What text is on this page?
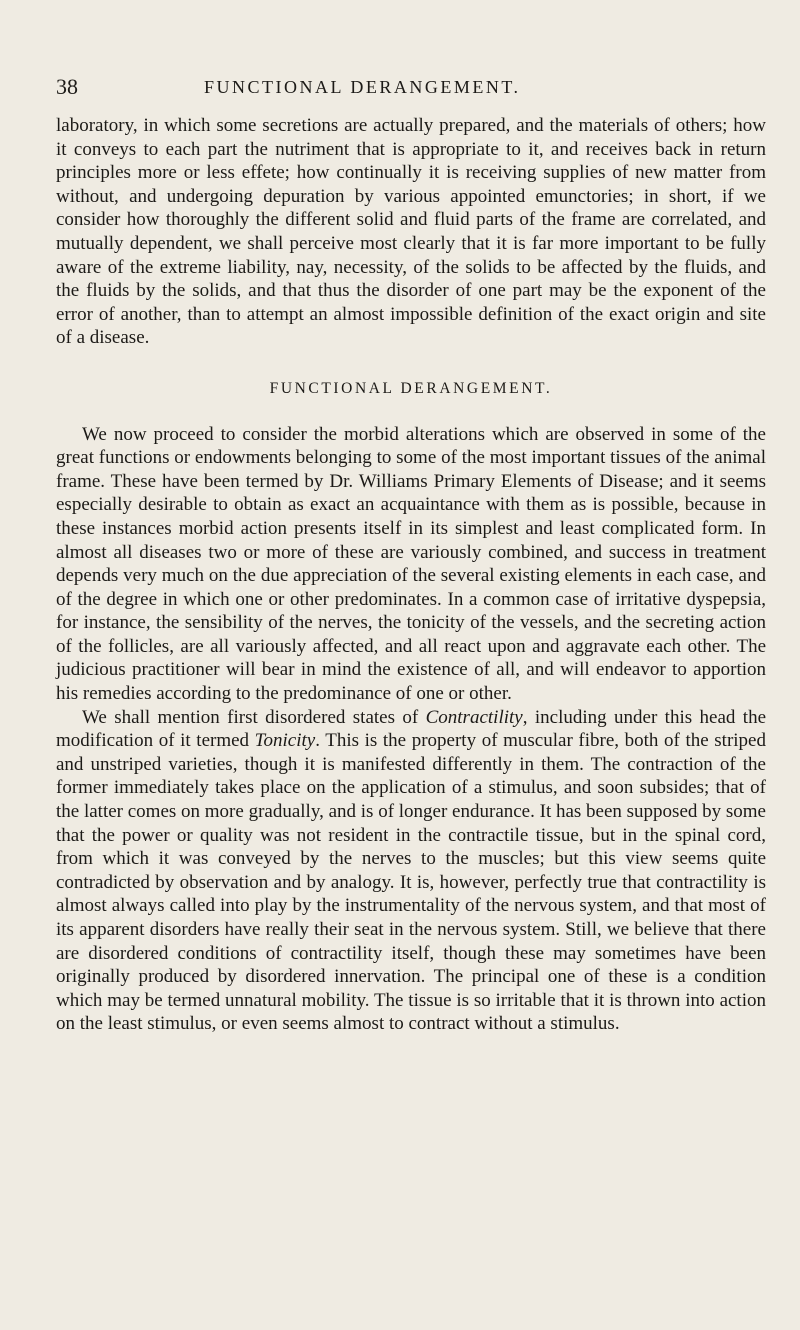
38	FUNCTIONAL DERANGEMENT.

laboratory, in which some secretions are actually prepared, and the materials of others; how it conveys to each part the nutriment that is appropriate to it, and receives back in return principles more or less effete; how continually it is receiving supplies of new matter from without, and undergoing depuration by various appointed emunctories; in short, if we consider how thoroughly the different solid and fluid parts of the frame are correlated, and mutually dependent, we shall perceive most clearly that it is far more important to be fully aware of the extreme liability, nay, necessity, of the solids to be affected by the fluids, and the fluids by the solids, and that thus the disorder of one part may be the exponent of the error of another, than to attempt an almost impossible definition of the exact origin and site of a disease.

FUNCTIONAL DERANGEMENT.

We now proceed to consider the morbid alterations which are observed in some of the great functions or endowments belonging to some of the most important tissues of the animal frame. These have been termed by Dr. Williams Primary Elements of Disease; and it seems especially desirable to obtain as exact an acquaintance with them as is possible, because in these instances morbid action presents itself in its simplest and least complicated form. In almost all diseases two or more of these are variously combined, and success in treatment depends very much on the due appreciation of the several existing elements in each case, and of the degree in which one or other predominates. In a common case of irritative dyspepsia, for instance, the sensibility of the nerves, the tonicity of the vessels, and the secreting action of the follicles, are all variously affected, and all react upon and aggravate each other. The judicious practitioner will bear in mind the existence of all, and will endeavor to apportion his remedies according to the predominance of one or other.

We shall mention first disordered states of Contractility, including under this head the modification of it termed Tonicity. This is the property of muscular fibre, both of the striped and unstriped varieties, though it is manifested differently in them. The contraction of the former immediately takes place on the application of a stimulus, and soon subsides; that of the latter comes on more gradually, and is of longer endurance. It has been supposed by some that the power or quality was not resident in the contractile tissue, but in the spinal cord, from which it was conveyed by the nerves to the muscles; but this view seems quite contradicted by observation and by analogy. It is, however, perfectly true that contractility is almost always called into play by the instrumentality of the nervous system, and that most of its apparent disorders have really their seat in the nervous system. Still, we believe that there are disordered conditions of contractility itself, though these may sometimes have been originally produced by disordered innervation. The principal one of these is a condition which may be termed unnatural mobility. The tissue is so irritable that it is thrown into action on the least stimulus, or even seems almost to contract without a stimulus.
